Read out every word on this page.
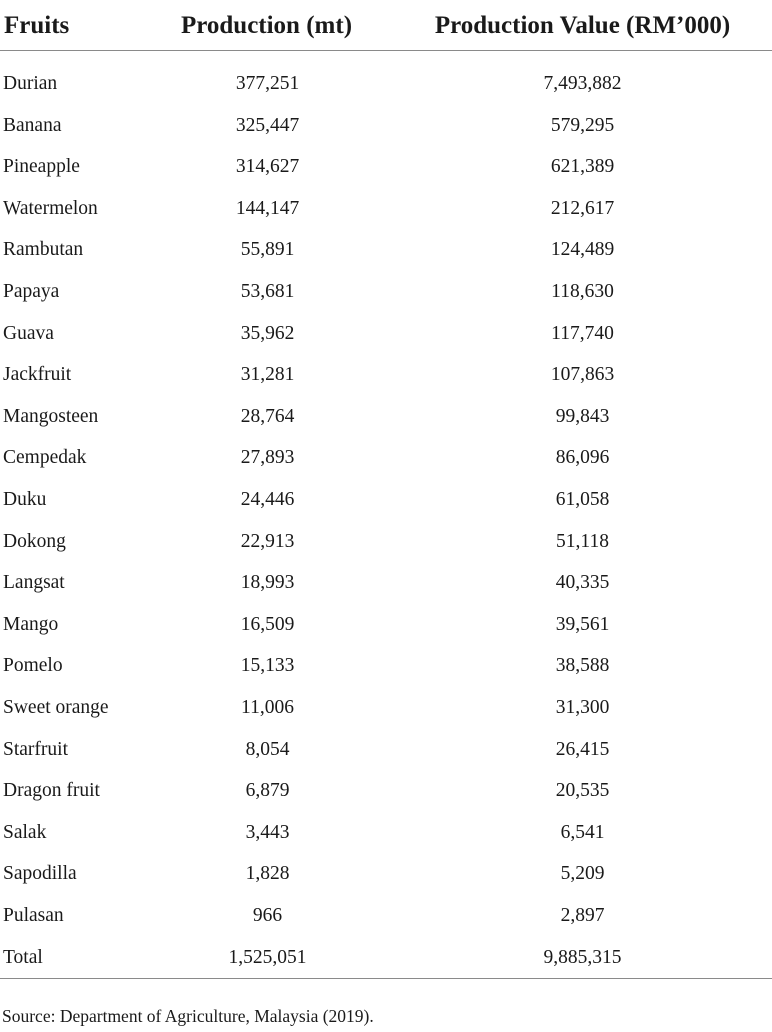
Fruits	Production (mt)	Production Value (RM’000)

Durian	377,251	7,493,882
Banana	325,447	579,295
Pineapple	314,627	621,389
Watermelon	144,147	212,617
Rambutan	55,891	124,489
Papaya	53,681	118,630
Guava	35,962	117,740
Jackfruit	31,281	107,863
Mangosteen	28,764	99,843
Cempedak	27,893	86,096
Duku	24,446	61,058
Dokong	22,913	51,118
Langsat	18,993	40,335
Mango	16,509	39,561
Pomelo	15,133	38,588
Sweet orange	11,006	31,300
Starfruit	8,054	26,415
Dragon fruit	6,879	20,535
Salak	3,443	6,541
Sapodilla	1,828	5,209
Pulasan	966	2,897
Total	1,525,051	9,885,315
Source: Department of Agriculture, Malaysia (2019).
